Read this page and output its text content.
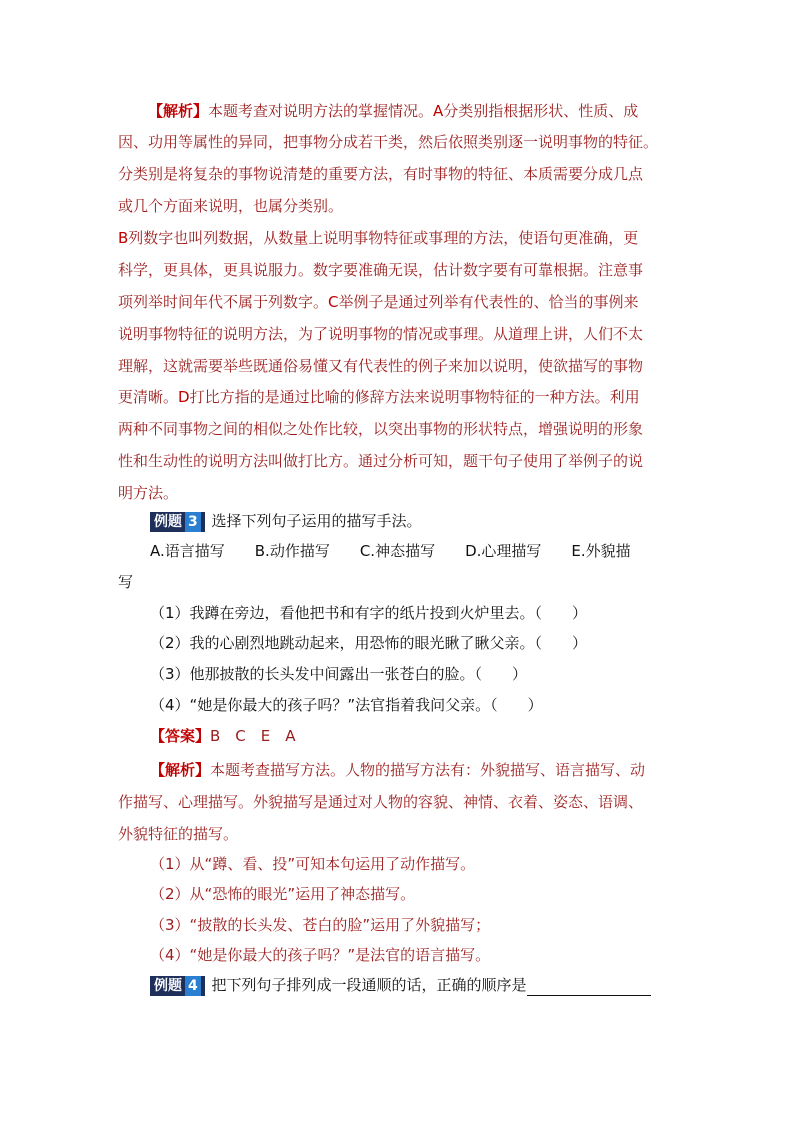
【解析】本题考查对说明方法的掌握情况。A分类别指根据形状、性质、成
因、功用等属性的异同，把事物分成若干类，然后依照类别逐一说明事物的特征。
分类别是将复杂的事物说清楚的重要方法，有时事物的特征、本质需要分成几点
或几个方面来说明，也属分类别。
B列数字也叫列数据，从数量上说明事物特征或事理的方法，使语句更准确，更
科学，更具体，更具说服力。数字要准确无误，估计数字要有可靠根据。注意事
项列举时间年代不属于列数字。C举例子是通过列举有代表性的、恰当的事例来
说明事物特征的说明方法，为了说明事物的情况或事理。从道理上讲，人们不太
理解，这就需要举些既通俗易懂又有代表性的例子来加以说明，使欲描写的事物
更清晰。D打比方指的是通过比喻的修辞方法来说明事物特征的一种方法。利用
两种不同事物之间的相似之处作比较，以突出事物的形状特点，增强说明的形象
性和生动性的说明方法叫做打比方。通过分析可知，题干句子使用了举例子的说
明方法。
例题 3 选择下列句子运用的描写手法。
A.语言描写　　B.动作描写　　C.神态描写　　D.心理描写　　E.外貌描
写
（1）我蹲在旁边，看他把书和有字的纸片投到火炉里去。（　　）
（2）我的心剧烈地跳动起来，用恐怖的眼光瞅了瞅父亲。（　　）
（3）他那披散的长头发中间露出一张苍白的脸。（　　）
（4）“她是你最大的孩子吗？”法官指着我问父亲。（　　）
【答案】B　C　E　A
【解析】本题考查描写方法。人物的描写方法有：外貌描写、语言描写、动
作描写、心理描写。外貌描写是通过对人物的容貌、神情、衣着、姿态、语调、
外貌特征的描写。
（1）从“蹲、看、投”可知本句运用了动作描写。
（2）从“恐怖的眼光”运用了神态描写。
（3）“披散的长头发、苍白的脸”运用了外貌描写；
（4）“她是你最大的孩子吗？”是法官的语言描写。
例题 4 把下列句子排列成一段通顺的话，正确的顺序是
